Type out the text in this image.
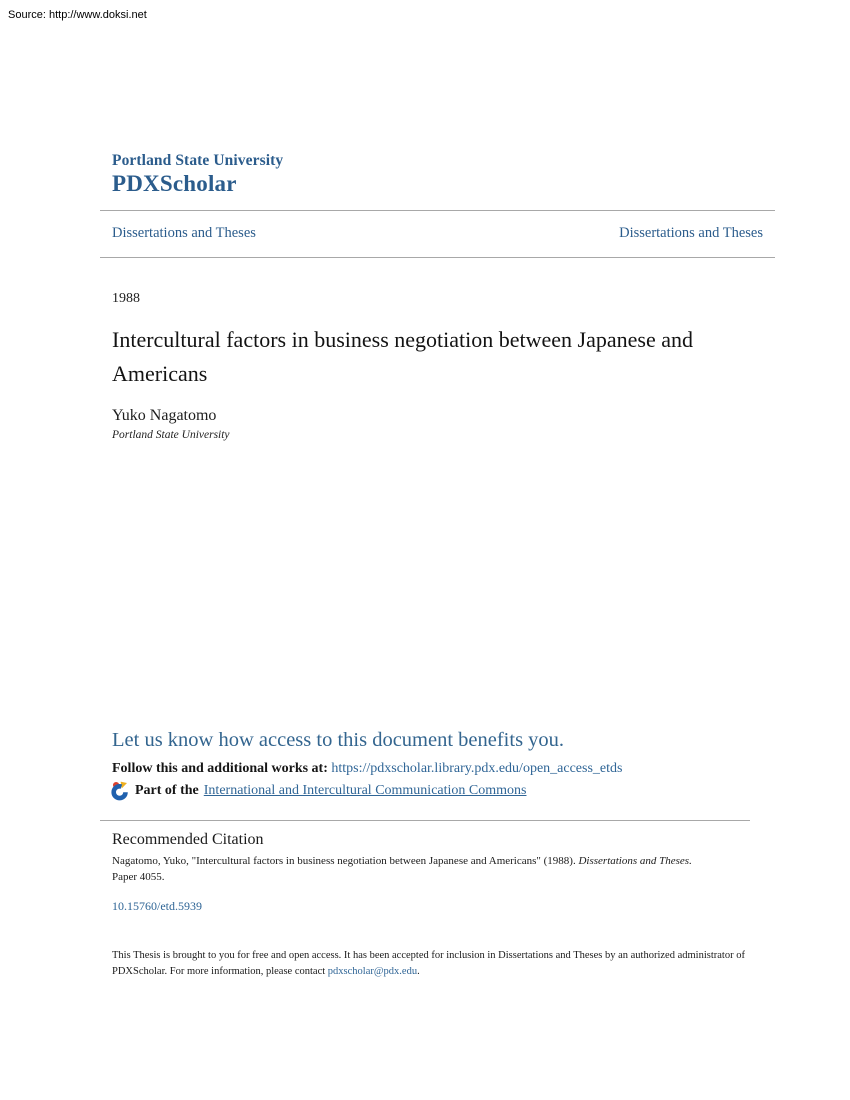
Source: http://www.doksi.net
Portland State University
PDXScholar
Dissertations and Theses	Dissertations and Theses
1988
Intercultural factors in business negotiation between Japanese and
Americans
Yuko Nagatomo
Portland State University
Let us know how access to this document benefits you.
Follow this and additional works at: https://pdxscholar.library.pdx.edu/open_access_etds
Part of the International and Intercultural Communication Commons
Recommended Citation
Nagatomo, Yuko, "Intercultural factors in business negotiation between Japanese and Americans" (1988). Dissertations and Theses.
Paper 4055.
10.15760/etd.5939
This Thesis is brought to you for free and open access. It has been accepted for inclusion in Dissertations and Theses by an authorized administrator of
PDXScholar. For more information, please contact pdxscholar@pdx.edu.
